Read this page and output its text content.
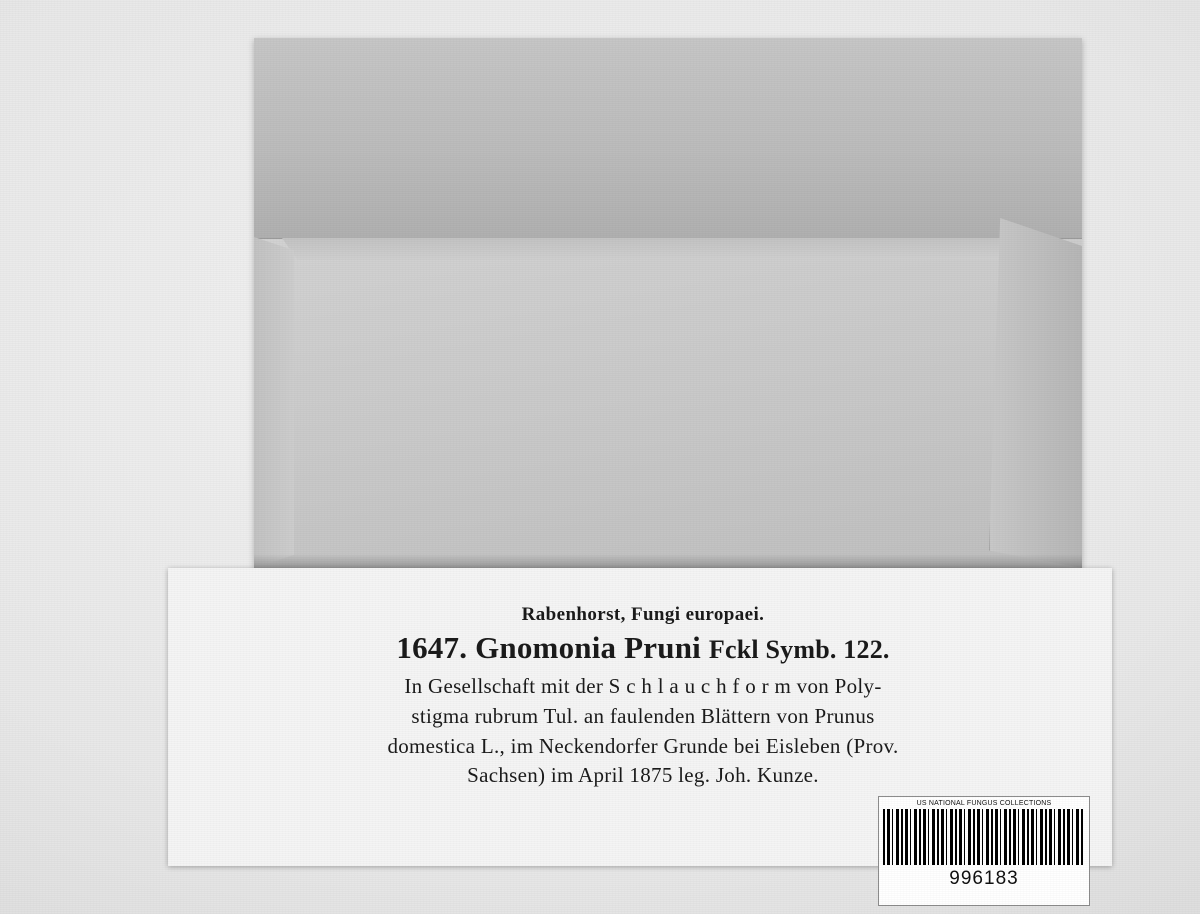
Rabenhorst, Fungi europaei.
1647. Gnomonia Pruni Fckl Symb. 122.
In Gesellschaft mit der S c h l a u c h f o r m von Poly-
stigma rubrum Tul. an faulenden Blättern von Prunus
domestica L., im Neckendorfer Grunde bei Eisleben (Prov.
Sachsen) im April 1875 leg. Joh. Kunze.
US NATIONAL FUNGUS COLLECTIONS
996183
